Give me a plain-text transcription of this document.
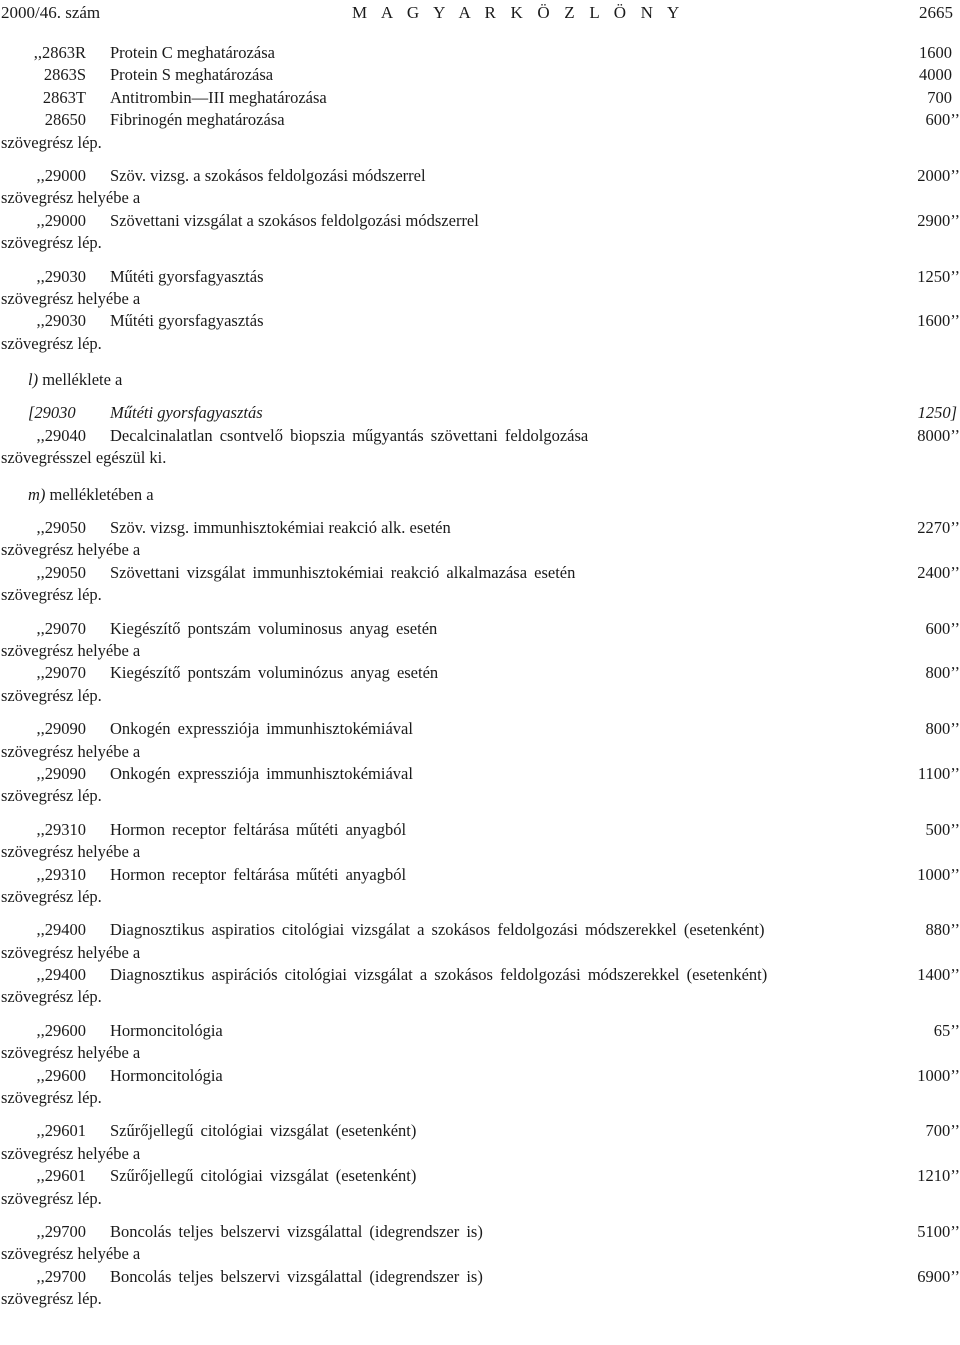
2000/46. szám	M A G Y A R K Ö Z L Ö N Y	2665
,,2863R Protein C meghatározása	1600
2863S Protein S meghatározása	4000
2863T Antitrombin—III meghatározása	700
28650 Fibrinogén meghatározása	600’’
szövegrész lép.
,,29000 Szöv. vizsg. a szokásos feldolgozási módszerrel	2000’’
szövegrész helyébe a
,,29000 Szövettani vizsgálat a szokásos feldolgozási módszerrel	2900’’
szövegrész lép.
,,29030 Műtéti gyorsfagyasztás	1250’’
szövegrész helyébe a
,,29030 Műtéti gyorsfagyasztás	1600’’
szövegrész lép.
l) melléklete a
[29030 Műtéti gyorsfagyasztás	1250]
,,29040 Decalcinalatlan csontvelő biopszia műgyantás szövettani feldolgozása	8000’’
szövegrésszel egészül ki.
m) mellékletében a
,,29050 Szöv. vizsg. immunhisztokémiai reakció alk. esetén	2270’’
szövegrész helyébe a
,,29050 Szövettani vizsgálat immunhisztokémiai reakció alkalmazása esetén	2400’’
szövegrész lép.
,,29070 Kiegészítő pontszám voluminosus anyag esetén	600’’
szövegrész helyébe a
,,29070 Kiegészítő pontszám voluminózus anyag esetén	800’’
szövegrész lép.
,,29090 Onkogén expressziója immunhisztokémiával	800’’
szövegrész helyébe a
,,29090 Onkogén expressziója immunhisztokémiával	1100’’
szövegrész lép.
,,29310 Hormon receptor feltárása műtéti anyagból	500’’
szövegrész helyébe a
,,29310 Hormon receptor feltárása műtéti anyagból	1000’’
szövegrész lép.
,,29400 Diagnosztikus aspiratios citológiai vizsgálat a szokásos feldolgozási módszerekkel (esetenként)	880’’
szövegrész helyébe a
,,29400 Diagnosztikus aspirációs citológiai vizsgálat a szokásos feldolgozási módszerekkel (esetenként)	1400’’
szövegrész lép.
,,29600 Hormoncitológia	65’’
szövegrész helyébe a
,,29600 Hormoncitológia	1000’’
szövegrész lép.
,,29601 Szűrőjellegű citológiai vizsgálat (esetenként)	700’’
szövegrész helyébe a
,,29601 Szűrőjellegű citológiai vizsgálat (esetenként)	1210’’
szövegrész lép.
,,29700 Boncolás teljes belszervi vizsgálattal (idegrendszer is)	5100’’
szövegrész helyébe a
,,29700 Boncolás teljes belszervi vizsgálattal (idegrendszer is)	6900’’
szövegrész lép.
